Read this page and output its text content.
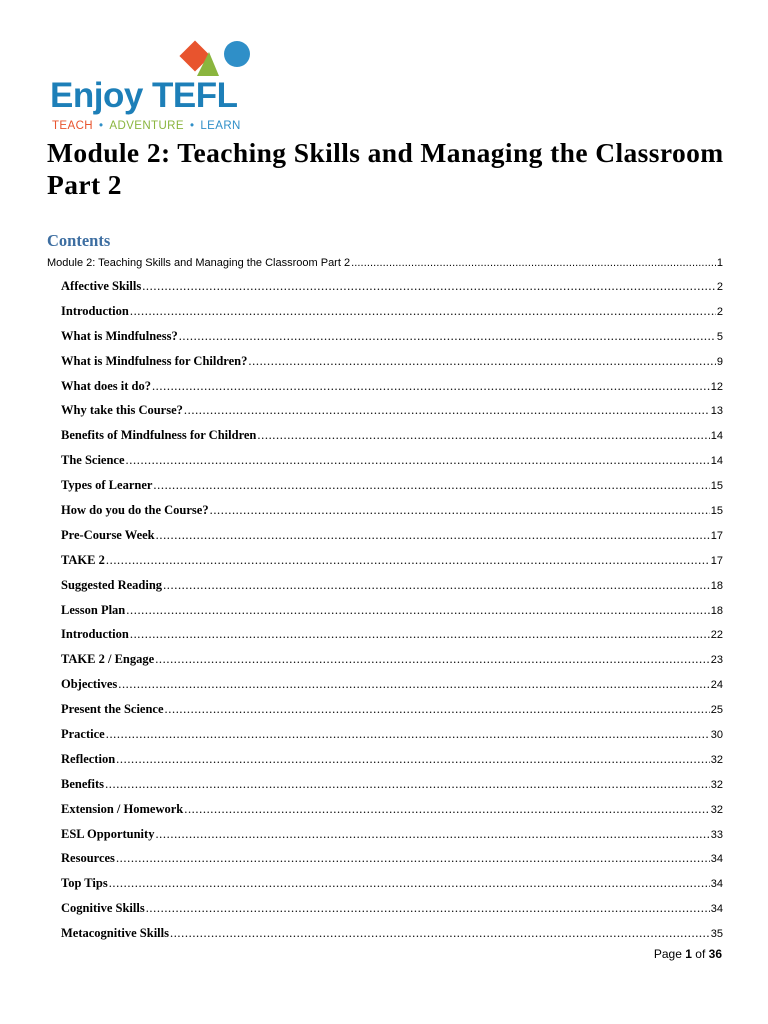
Enjoy TEFL
TEACH • ADVENTURE • LEARN
Module 2: Teaching Skills and Managing the Classroom Part 2
Contents
Module 2: Teaching Skills and Managing the Classroom Part 2 .....	1
Affective Skills .....	2
Introduction .....	2
What is Mindfulness? .....	5
What is Mindfulness for Children? .....	9
What does it do? .....	12
Why take this Course? .....	13
Benefits of Mindfulness for Children .....	14
The Science .....	14
Types of Learner .....	15
How do you do the Course? .....	15
Pre-Course Week .....	17
TAKE 2 .....	17
Suggested Reading .....	18
Lesson Plan .....	18
Introduction .....	22
TAKE 2 / Engage .....	23
Objectives .....	24
Present the Science .....	25
Practice .....	30
Reflection .....	32
Benefits .....	32
Extension / Homework .....	32
ESL Opportunity .....	33
Resources .....	34
Top Tips .....	34
Cognitive Skills .....	34
Metacognitive Skills .....	35

Page 1 of 36
